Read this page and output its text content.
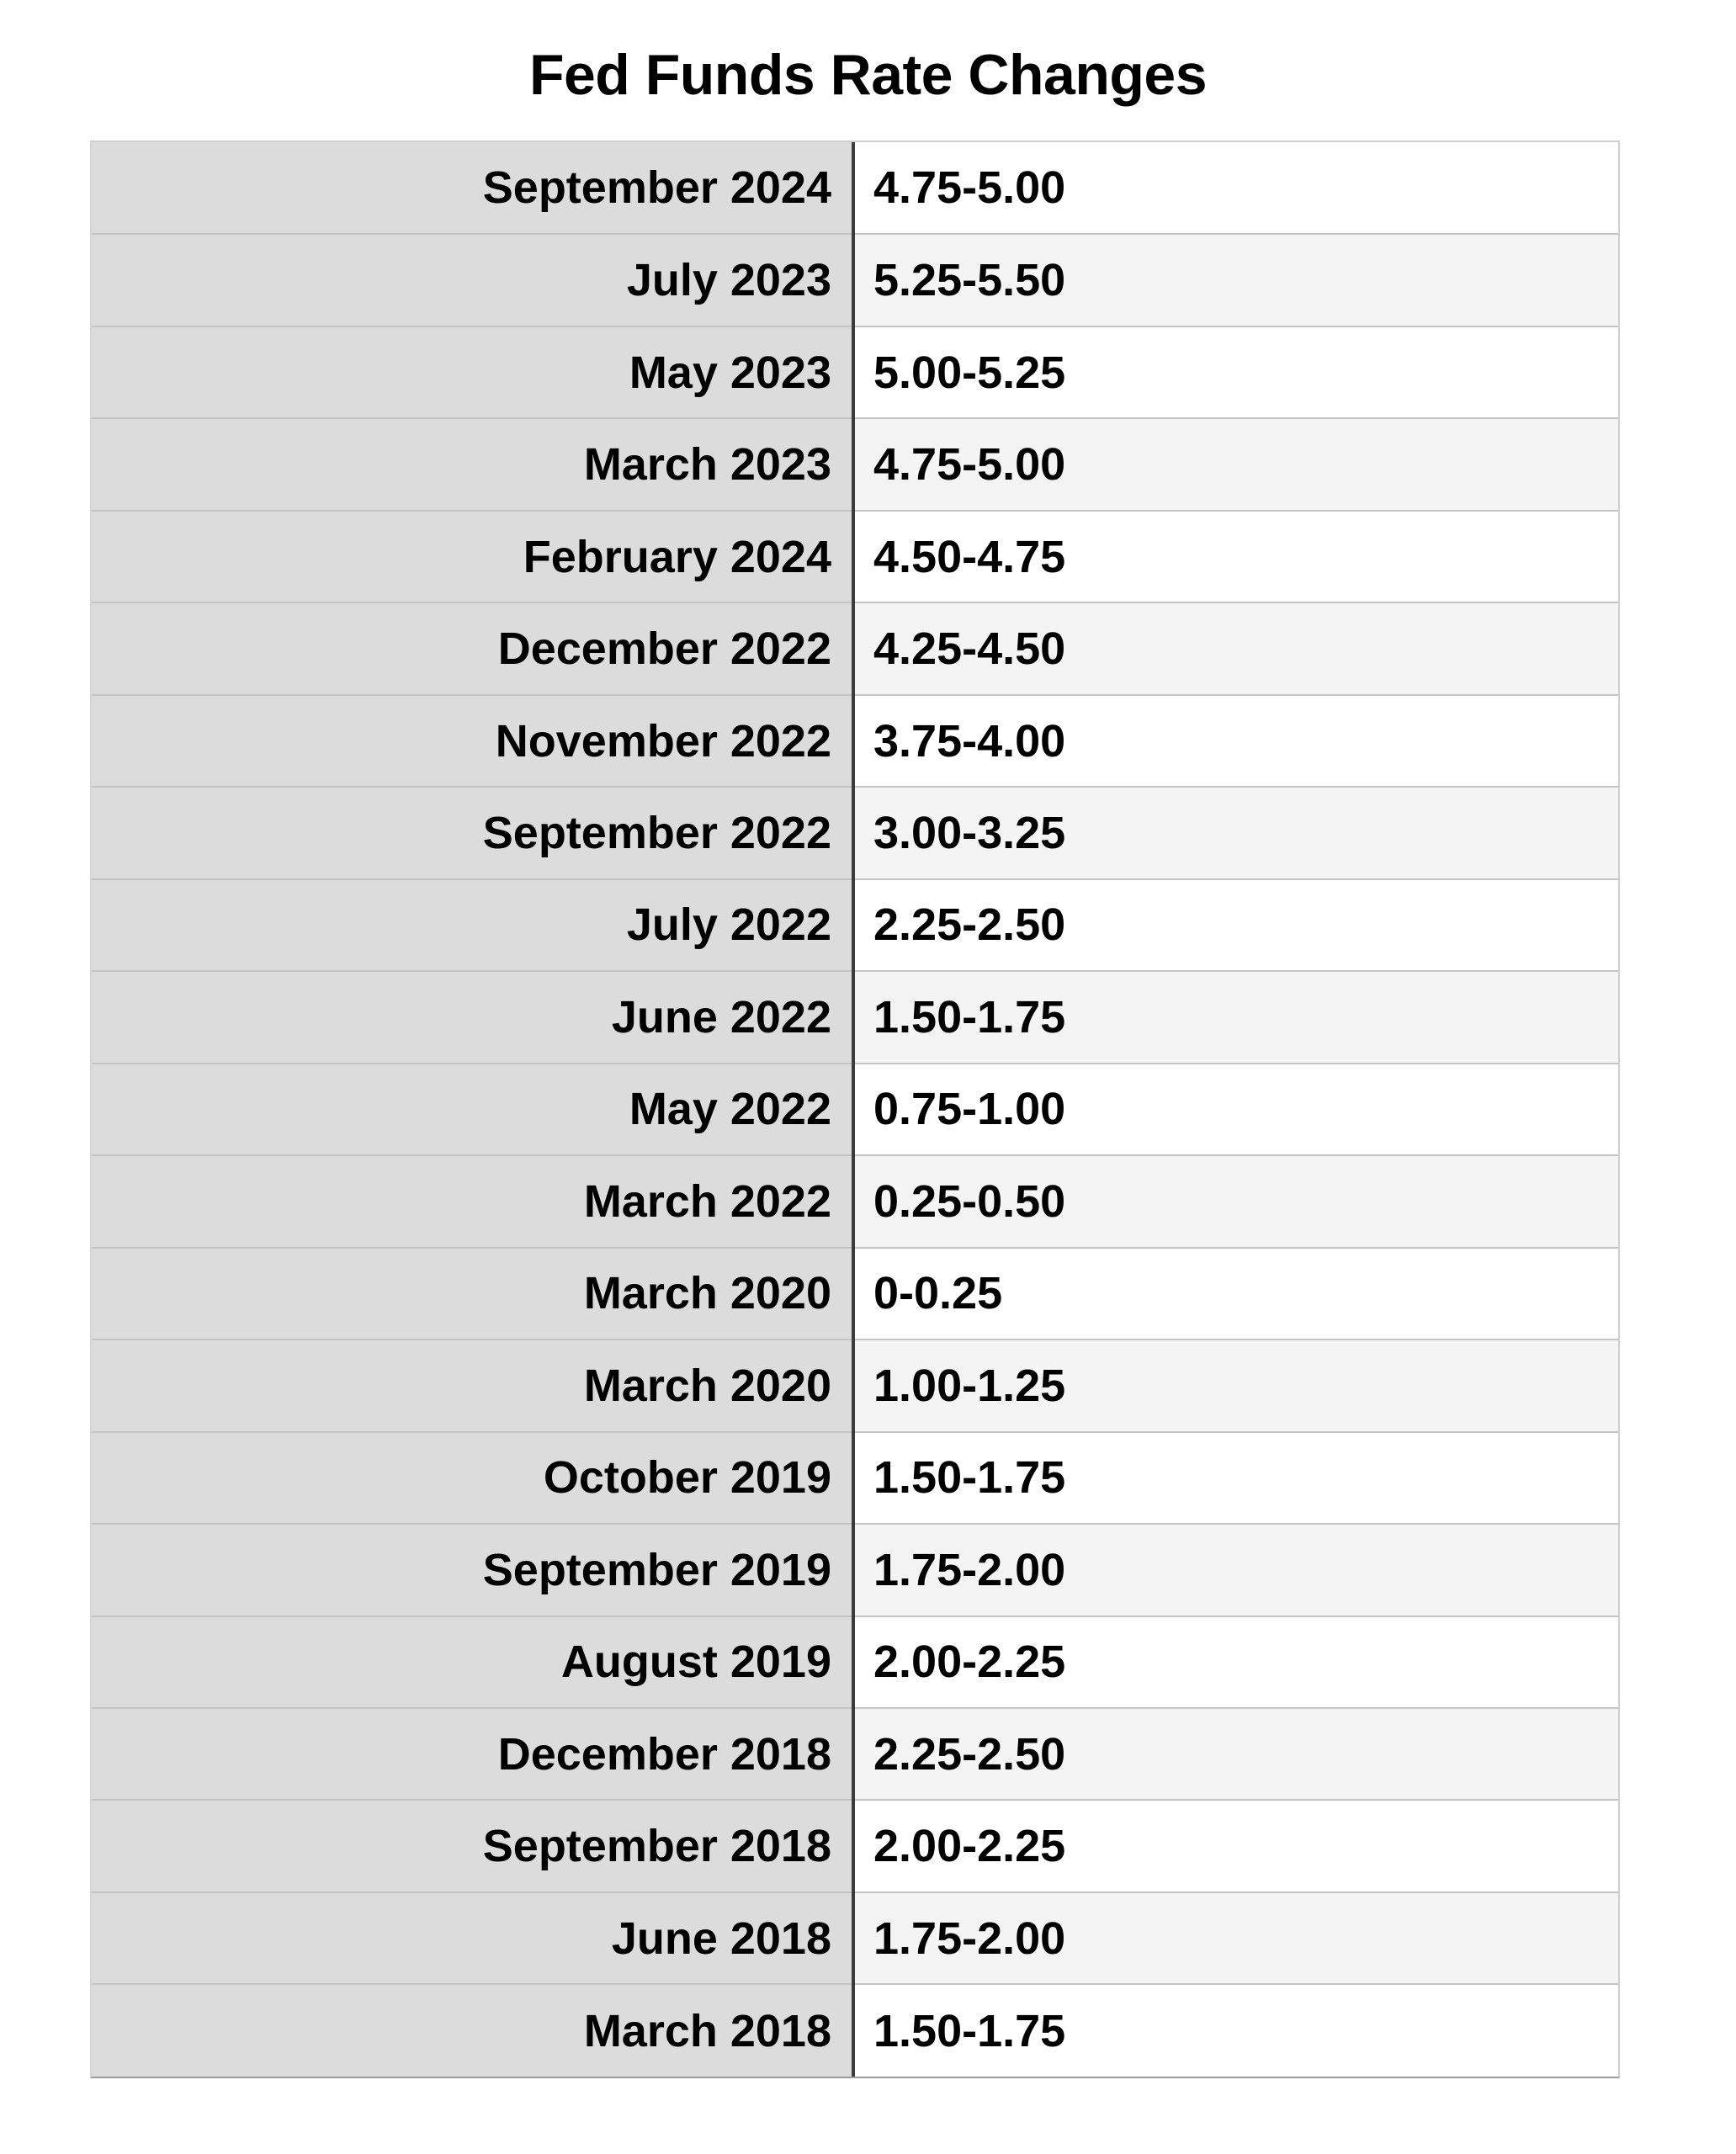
Fed Funds Rate Changes
September 2024	4.75-5.00
July 2023	5.25-5.50
May 2023	5.00-5.25
March 2023	4.75-5.00
February 2024	4.50-4.75
December 2022	4.25-4.50
November 2022	3.75-4.00
September 2022	3.00-3.25
July 2022	2.25-2.50
June 2022	1.50-1.75
May 2022	0.75-1.00
March 2022	0.25-0.50
March 2020	0-0.25
March 2020	1.00-1.25
October 2019	1.50-1.75
September 2019	1.75-2.00
August 2019	2.00-2.25
December 2018	2.25-2.50
September 2018	2.00-2.25
June 2018	1.75-2.00
March 2018	1.50-1.75
